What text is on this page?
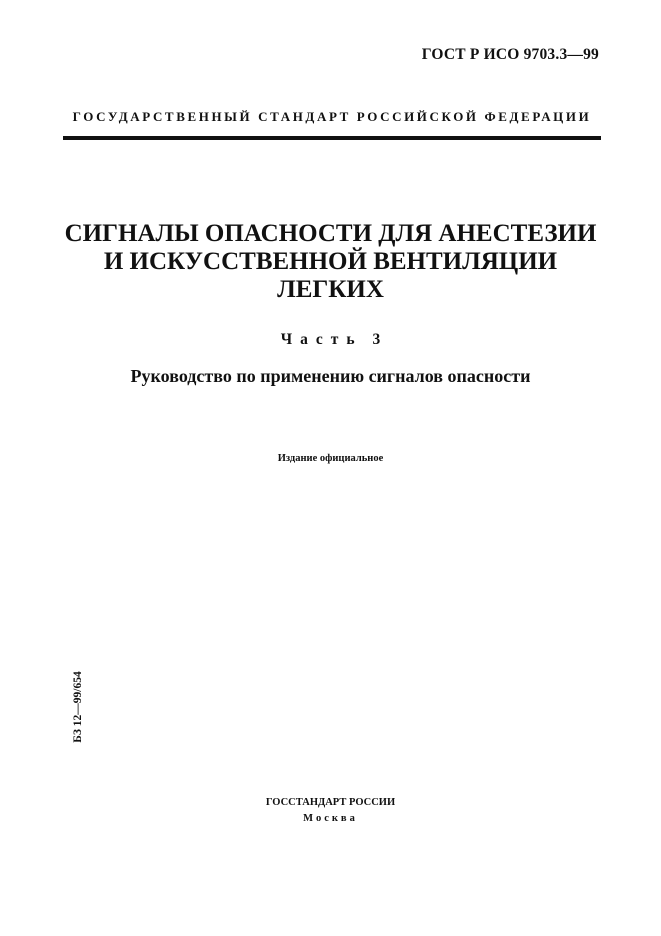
ГОСТ Р ИСО 9703.3—99
ГОСУДАРСТВЕННЫЙ СТАНДАРТ РОССИЙСКОЙ ФЕДЕРАЦИИ
СИГНАЛЫ ОПАСНОСТИ ДЛЯ АНЕСТЕЗИИ
И ИСКУССТВЕННОЙ ВЕНТИЛЯЦИИ
ЛЕГКИХ
Часть 3
Руководство по применению сигналов опасности
Издание официальное
БЗ 12—99/654
ГОССТАНДАРТ РОССИИ
Москва
